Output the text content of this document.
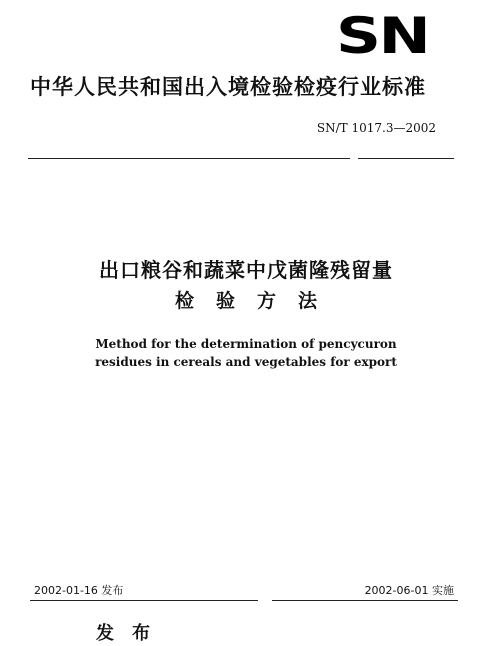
SN
中华人民共和国出入境检验检疫行业标准
SN/T 1017.3—2002
出口粮谷和蔬菜中戊菌隆残留量
检验方法
Method for the determination of pencycuron
residues in cereals and vegetables for export
2002-01-16 发布	2002-06-01 实施
发布
